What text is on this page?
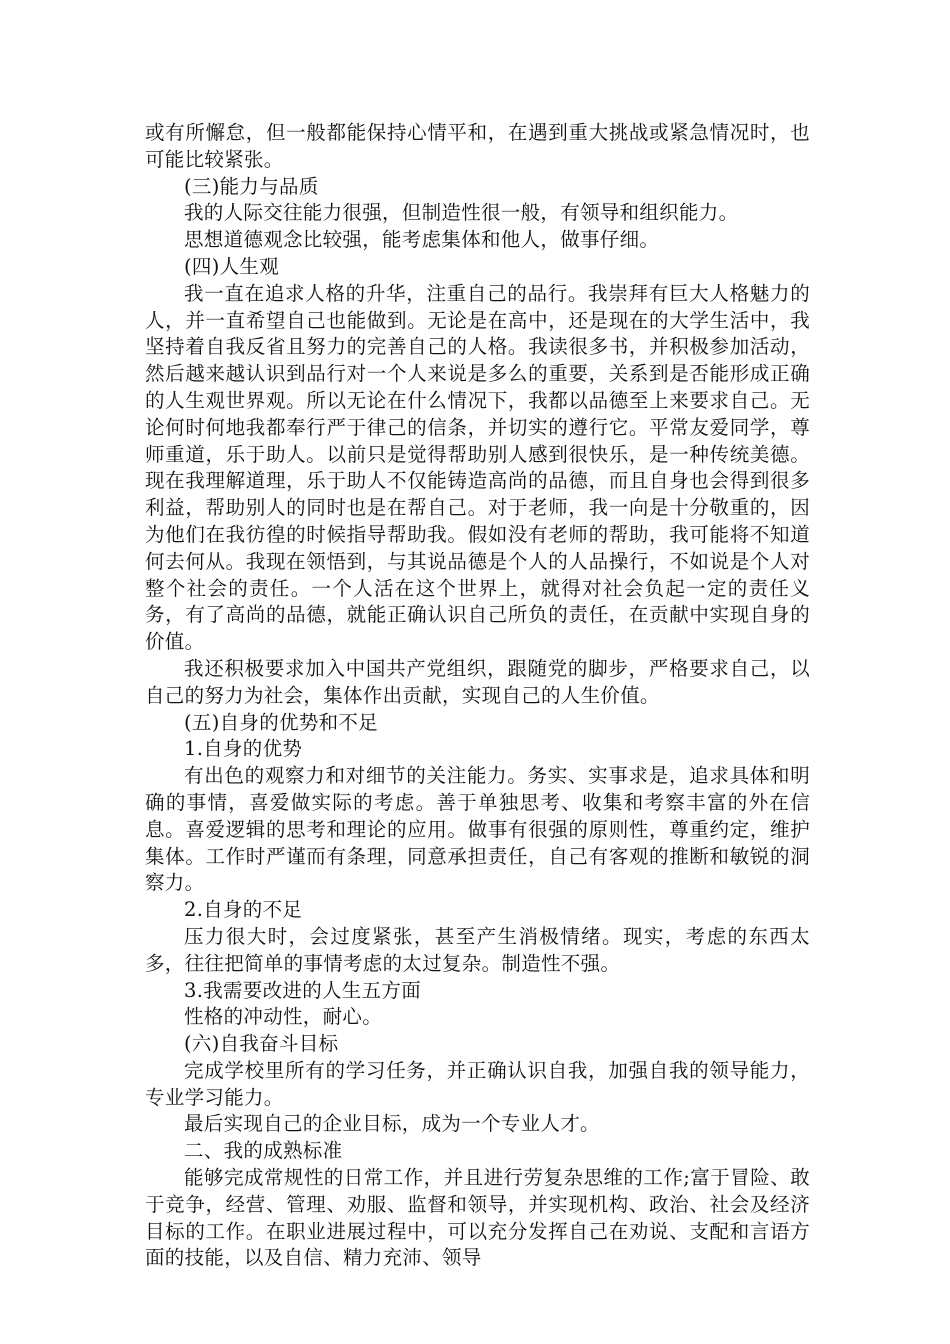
或有所懈怠，但一般都能保持心情平和，在遇到重大挑战或紧急情况时，也可能比较紧张。

(三)能力与品质

我的人际交往能力很强，但制造性很一般，有领导和组织能力。

思想道德观念比较强，能考虑集体和他人，做事仔细。

(四)人生观

我一直在追求人格的升华，注重自己的品行。我崇拜有巨大人格魅力的人，并一直希望自己也能做到。无论是在高中，还是现在的大学生活中，我坚持着自我反省且努力的完善自己的人格。我读很多书，并积极参加活动，然后越来越认识到品行对一个人来说是多么的重要，关系到是否能形成正确的人生观世界观。所以无论在什么情况下，我都以品德至上来要求自己。无论何时何地我都奉行严于律己的信条，并切实的遵行它。平常友爱同学，尊师重道，乐于助人。以前只是觉得帮助别人感到很快乐，是一种传统美德。现在我理解道理，乐于助人不仅能铸造高尚的品德，而且自身也会得到很多利益，帮助别人的同时也是在帮自己。对于老师，我一向是十分敬重的，因为他们在我彷徨的时候指导帮助我。假如没有老师的帮助，我可能将不知道何去何从。我现在领悟到，与其说品德是个人的人品操行，不如说是个人对整个社会的责任。一个人活在这个世界上，就得对社会负起一定的责任义务，有了高尚的品德，就能正确认识自己所负的责任，在贡献中实现自身的价值。

我还积极要求加入中国共产党组织，跟随党的脚步，严格要求自己，以自己的努力为社会，集体作出贡献，实现自己的人生价值。

(五)自身的优势和不足

1.自身的优势

有出色的观察力和对细节的关注能力。务实、实事求是，追求具体和明确的事情，喜爱做实际的考虑。善于单独思考、收集和考察丰富的外在信息。喜爱逻辑的思考和理论的应用。做事有很强的原则性，尊重约定，维护集体。工作时严谨而有条理，同意承担责任，自己有客观的推断和敏锐的洞察力。

2.自身的不足

压力很大时，会过度紧张，甚至产生消极情绪。现实，考虑的东西太多，往往把简单的事情考虑的太过复杂。制造性不强。

3.我需要改进的人生五方面

性格的冲动性，耐心。

(六)自我奋斗目标

完成学校里所有的学习任务，并正确认识自我，加强自我的领导能力，专业学习能力。

最后实现自己的企业目标，成为一个专业人才。

二、我的成熟标准

能够完成常规性的日常工作，并且进行劳复杂思维的工作;富于冒险、敢于竞争，经营、管理、劝服、监督和领导，并实现机构、政治、社会及经济目标的工作。在职业进展过程中，可以充分发挥自己在劝说、支配和言语方面的技能，以及自信、精力充沛、领导
